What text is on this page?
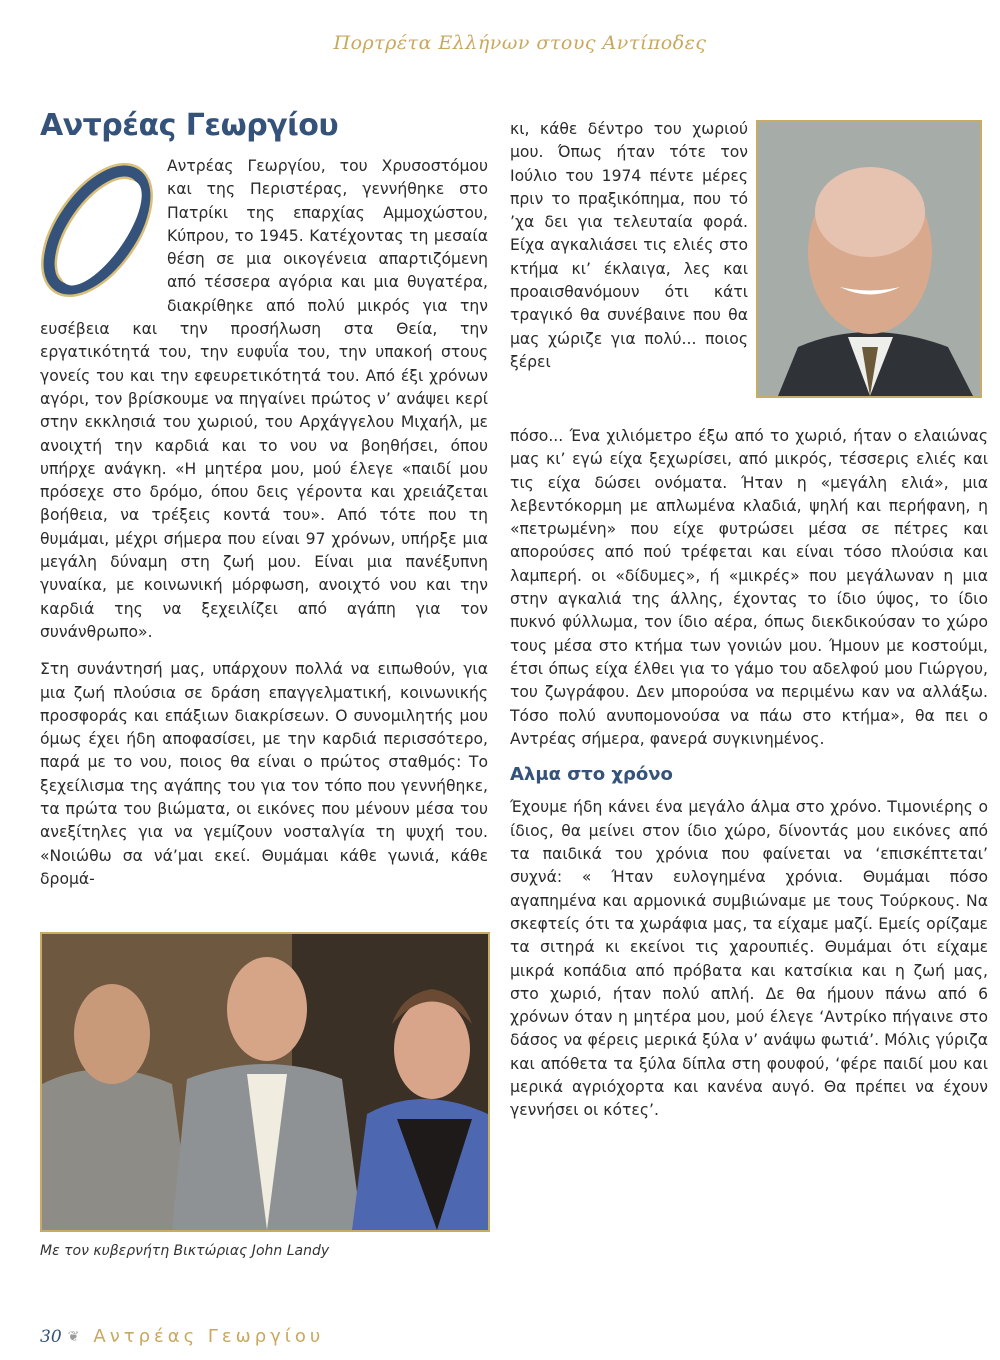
Πορτρέτα Ελλήνων στους Αντίποδες
Αντρέας Γεωργίου

Αντρέας Γεωργίου, του Χρυσοστόμου και της Περιστέρας, γεννήθηκε στο Πατρίκι της επαρχίας Αμμοχώστου, Κύπρου, το 1945. Κατέχοντας τη μεσαία θέση σε μια οικογένεια απαρτιζόμενη από τέσσερα αγόρια και μια θυγατέρα, διακρίθηκε από πολύ μικρός για την ευσέβεια και την προσήλωση στα Θεία, την εργατικότητά του, την ευφυΐα του, την υπακοή στους γονείς του και την εφευρετικότητά του. Από έξι χρόνων αγόρι, τον βρίσκουμε να πηγαίνει πρώτος ν’ ανάψει κερί στην εκκλησιά του χωριού, του Αρχάγγελου Μιχαήλ, με ανοιχτή την καρδιά και το νου να βοηθήσει, όπου υπήρχε ανάγκη. «Η μητέρα μου, μού έλεγε «παιδί μου πρόσεχε στο δρόμο, όπου δεις γέροντα και χρειάζεται βοήθεια, να τρέξεις κοντά του». Από τότε που τη θυμάμαι, μέχρι σήμερα που είναι 97 χρόνων, υπήρξε μια μεγάλη δύναμη στη ζωή μου. Είναι μια πανέξυπνη γυναίκα, με κοινωνική μόρφωση, ανοιχτό νου και την καρδιά της να ξεχειλίζει από αγάπη για τον συνάνθρωπο».

Στη συνάντησή μας, υπάρχουν πολλά να ειπωθούν, για μια ζωή πλούσια σε δράση επαγγελματική, κοινωνικής προσφοράς και επάξιων διακρίσεων. Ο συνομιλητής μου όμως έχει ήδη αποφασίσει, με την καρδιά περισσότερο, παρά με το νου, ποιος θα είναι ο πρώτος σταθμός: Το ξεχείλισμα της αγάπης του για τον τόπο που γεννήθηκε, τα πρώτα του βιώματα, οι εικόνες που μένουν μέσα του ανεξίτηλες για να γεμίζουν νοσταλγία τη ψυχή του. «Νοιώθω σα νά’μαι εκεί. Θυμάμαι κάθε γωνιά, κάθε δρομά-

κι, κάθε δέντρο του χωριού μου. Όπως ήταν τότε τον Ιούλιο του 1974 πέντε μέρες πριν το πραξικόπημα, που τό ’χα δει για τελευταία φορά. Είχα αγκαλιάσει τις ελιές στο κτήμα κι’ έκλαιγα, λες και προαισθανόμουν ότι κάτι τραγικό θα συνέβαινε που θα μας χώριζε για πολύ... ποιος ξέρει

πόσο... Ένα χιλιόμετρο έξω από το χωριό, ήταν ο ελαιώνας μας κι’ εγώ είχα ξεχωρίσει, από μικρός, τέσσερις ελιές και τις είχα δώσει ονόματα. Ήταν η «μεγάλη ελιά», μια λεβεντόκορμη με απλωμένα κλαδιά, ψηλή και περήφανη, η «πετρωμένη» που είχε φυτρώσει μέσα σε πέτρες και απορούσες από πού τρέφεται και είναι τόσο πλούσια και λαμπερή. οι «δίδυμες», ή «μικρές» που μεγάλωναν η μια στην αγκαλιά της άλλης, έχοντας το ίδιο ύψος, το ίδιο πυκνό φύλλωμα, τον ίδιο αέρα, όπως διεκδικούσαν το χώρο τους μέσα στο κτήμα των γονιών μου. Ήμουν με κοστούμι, έτσι όπως είχα έλθει για το γάμο του αδελφού μου Γιώργου, του ζωγράφου. Δεν μπορούσα να περιμένω καν να αλλάξω. Τόσο πολύ ανυπομονούσα να πάω στο κτήμα», θα πει ο Αντρέας σήμερα, φανερά συγκινημένος.

Αλμα στο χρόνο

Έχουμε ήδη κάνει ένα μεγάλο άλμα στο χρόνο. Τιμονιέρης ο ίδιος, θα μείνει στον ίδιο χώρο, δίνοντάς μου εικόνες από τα παιδικά του χρόνια που φαίνεται να ‘επισκέπτεται’ συχνά: « Ήταν ευλογημένα χρόνια. Θυμάμαι πόσο αγαπημένα και αρμονικά συμβιώναμε με τους Τούρκους. Να σκεφτείς ότι τα χωράφια μας, τα είχαμε μαζί. Εμείς ορίζαμε τα σιτηρά κι εκείνοι τις χαρουπιές. Θυμάμαι ότι είχαμε μικρά κοπάδια από πρόβατα και κατσίκια και η ζωή μας, στο χωριό, ήταν πολύ απλή. Δε θα ήμουν πάνω από 6 χρόνων όταν η μητέρα μου, μού έλεγε ‘Αντρίκο πήγαινε στο δάσος να φέρεις μερικά ξύλα ν’ ανάψω φωτιά’. Μόλις γύριζα και απόθετα τα ξύλα δίπλα στη φουφού, ‘φέρε παιδί μου και μερικά αγριόχορτα και κανένα αυγό. Θα πρέπει να έχουν γεννήσει οι κότες’.

Με τον κυβερνήτη Βικτώριας John Landy
30 ❦ Αντρέας Γεωργίου
